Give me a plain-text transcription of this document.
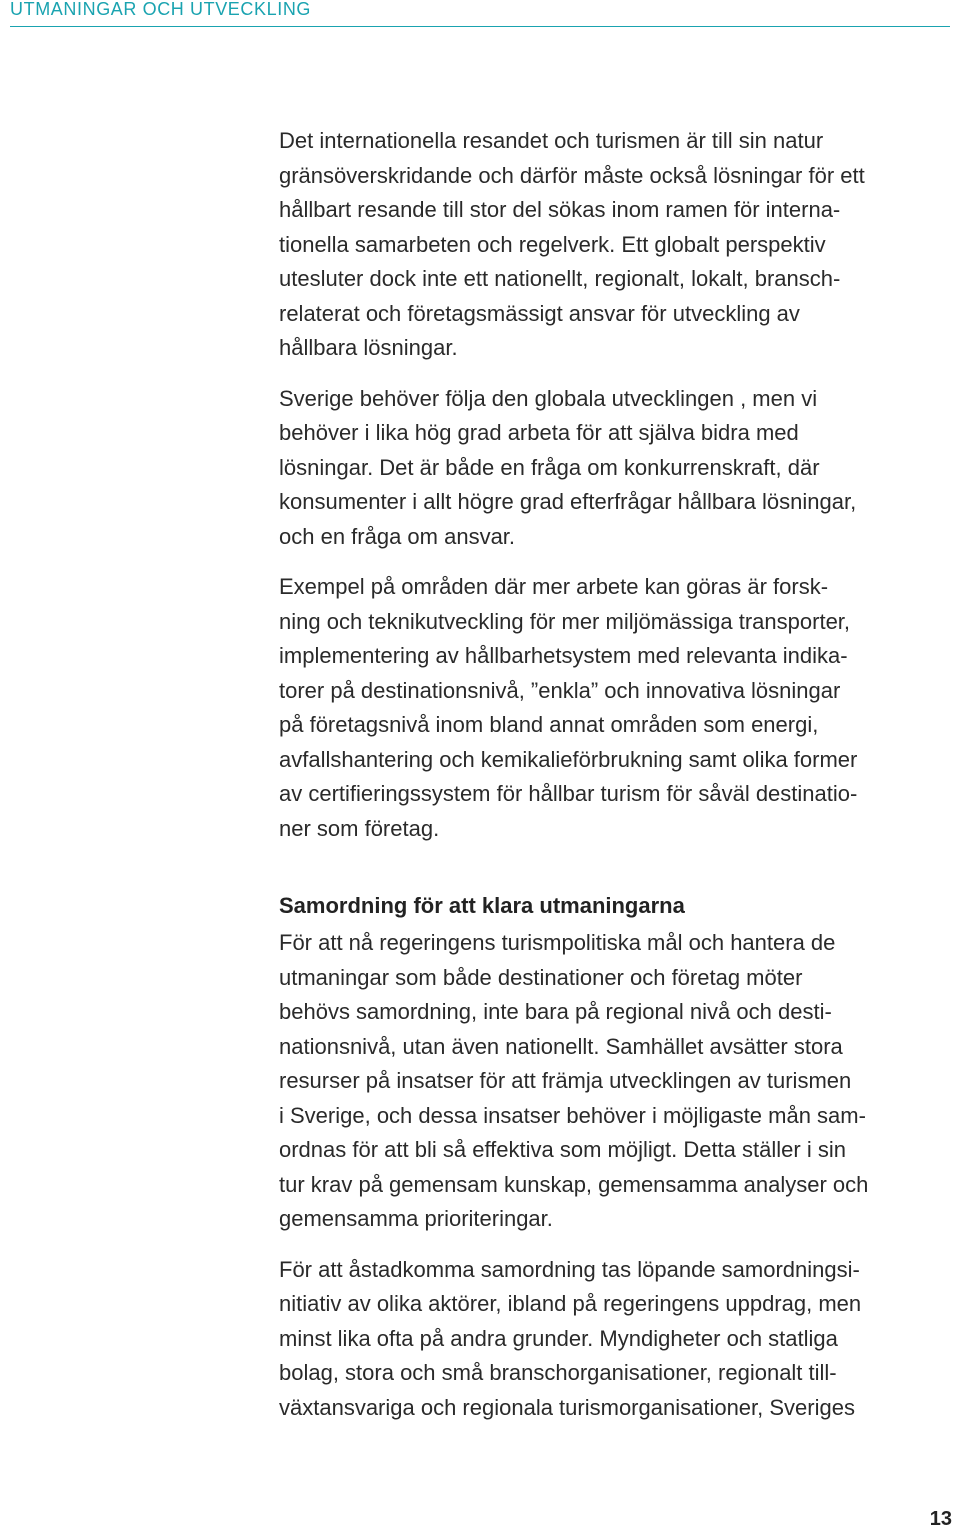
UTMANINGAR OCH UTVECKLING

Det internationella resandet och turismen är till sin natur
gränsöverskridande och därför måste också lösningar för ett
hållbart resande till stor del sökas inom ramen för interna-
tionella samarbeten och regelverk. Ett globalt perspektiv
utesluter dock inte ett nationellt, regionalt, lokalt, bransch-
relaterat och företagsmässigt ansvar för utveckling av
hållbara lösningar.

Sverige behöver följa den globala utvecklingen , men vi
behöver i lika hög grad arbeta för att själva bidra med
lösningar. Det är både en fråga om konkurrenskraft, där
konsumenter i allt högre grad efterfrågar hållbara lösningar,
och en fråga om ansvar.

Exempel på områden där mer arbete kan göras är forsk-
ning och teknikutveckling för mer miljömässiga transporter,
implementering av hållbarhetsystem med relevanta indika-
torer på destinationsnivå, ”enkla” och innovativa lösningar
på företagsnivå inom bland annat områden som energi,
avfallshantering och kemikalieförbrukning samt olika former
av certifieringssystem för hållbar turism för såväl destinatio-
ner som företag.

Samordning för att klara utmaningarna

För att nå regeringens turismpolitiska mål och hantera de
utmaningar som både destinationer och företag möter
behövs samordning, inte bara på regional nivå och desti-
nationsnivå, utan även nationellt. Samhället avsätter stora
resurser på insatser för att främja utvecklingen av turismen
i Sverige, och dessa insatser behöver i möjligaste mån sam-
ordnas för att bli så effektiva som möjligt. Detta ställer i sin
tur krav på gemensam kunskap, gemensamma analyser och
gemensamma prioriteringar.

För att åstadkomma samordning tas löpande samordningsi-
nitiativ av olika aktörer, ibland på regeringens uppdrag, men
minst lika ofta på andra grunder. Myndigheter och statliga
bolag, stora och små branschorganisationer, regionalt till-
växtansvariga och regionala turismorganisationer, Sveriges

13
